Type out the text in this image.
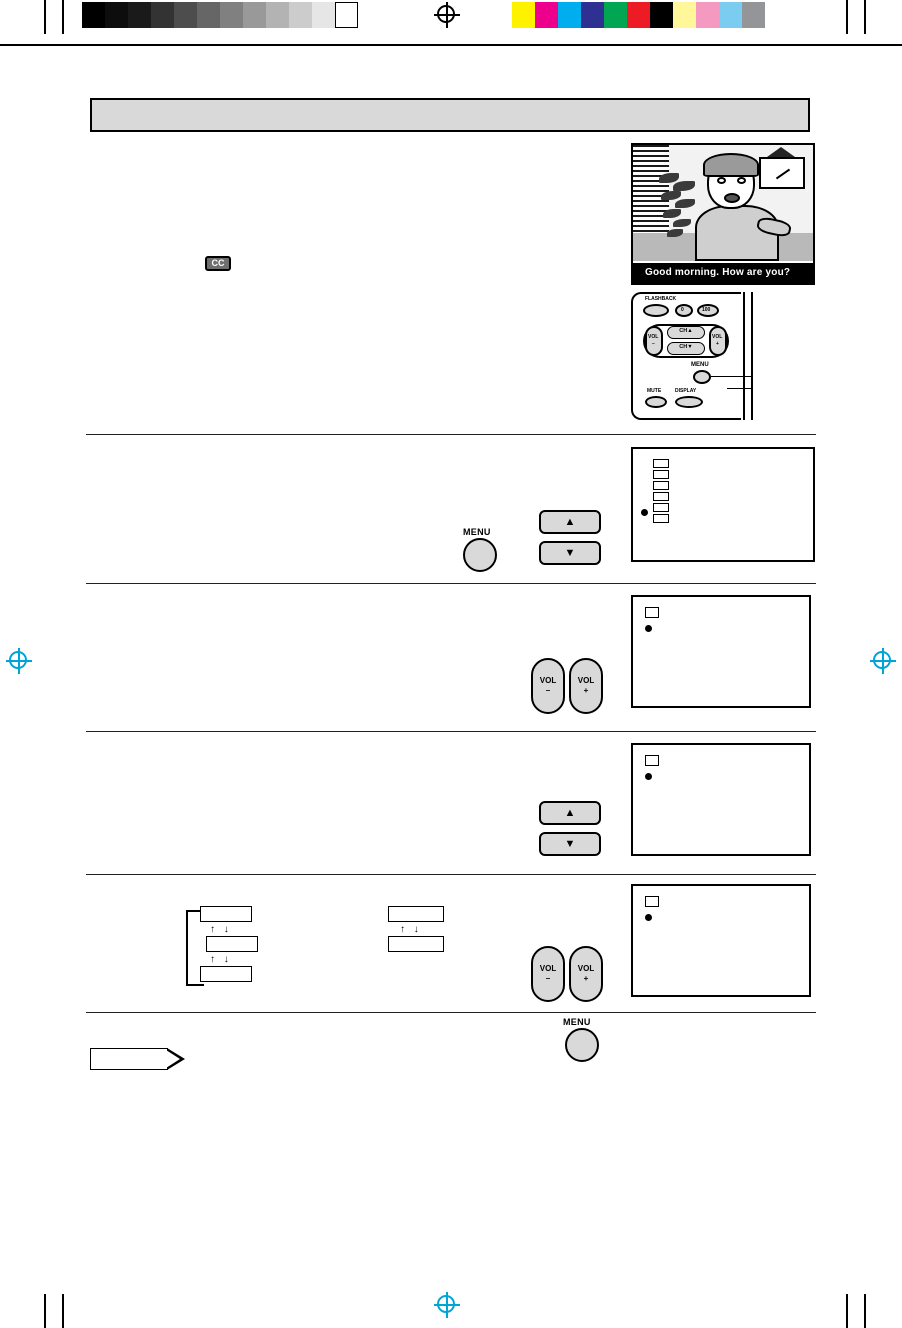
Good morning. How are you?
FLASHBACK
0	100
VOL
–
VOL
+
CH▲
CH▼
MENU
MUTE	DISPLAY
CC
MENU
▲
▼
VOL
–
VOL
+
▲
▼
↑ ↓
↑ ↓
↑ ↓
VOL
–
VOL
+
MENU
